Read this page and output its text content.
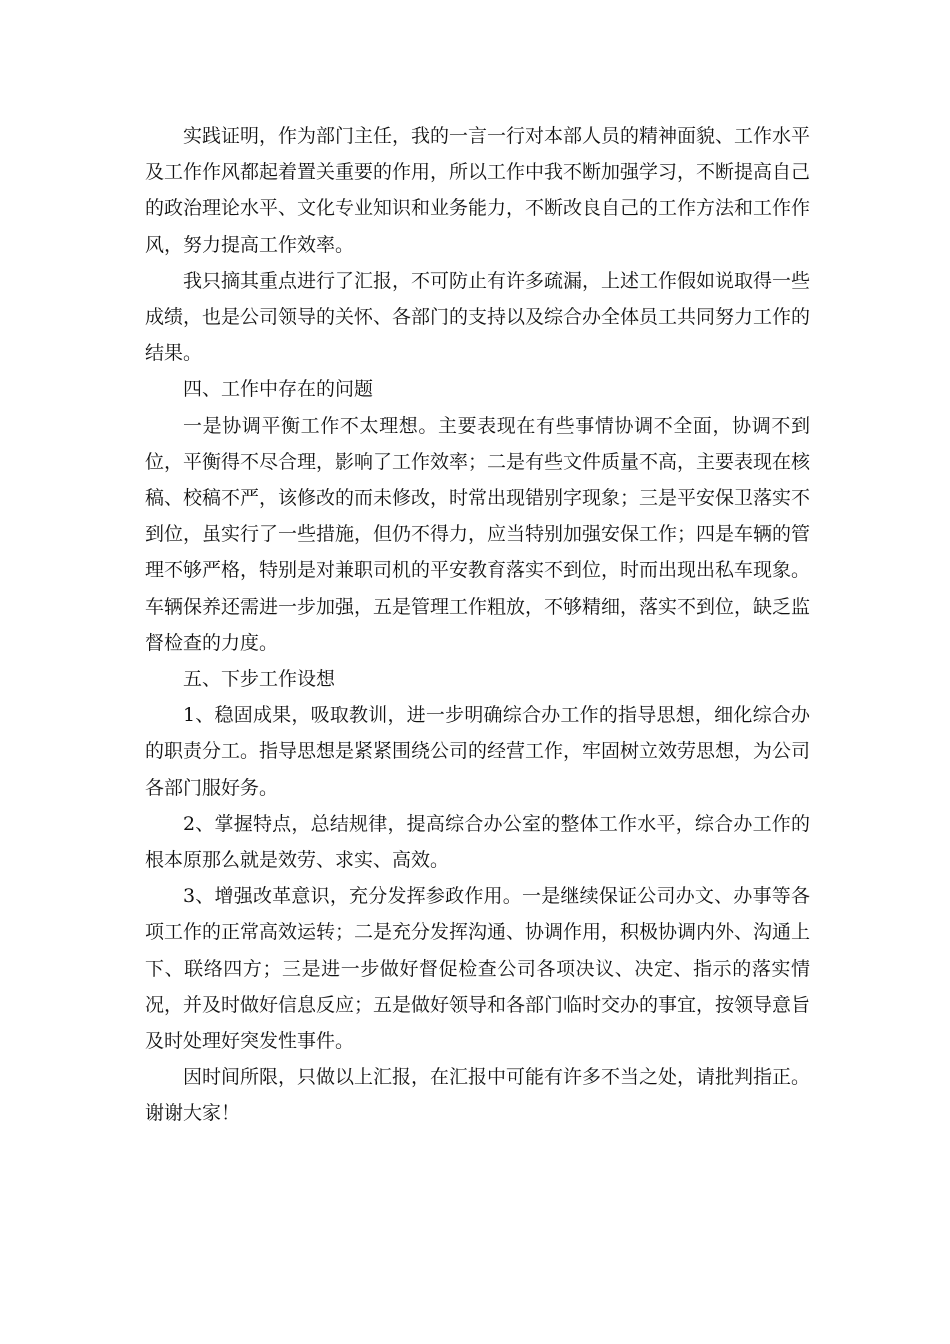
实践证明，作为部门主任，我的一言一行对本部人员的精神面貌、工作水平及工作作风都起着置关重要的作用，所以工作中我不断加强学习，不断提高自己的政治理论水平、文化专业知识和业务能力，不断改良自己的工作方法和工作作风，努力提高工作效率。

我只摘其重点进行了汇报，不可防止有许多疏漏，上述工作假如说取得一些成绩，也是公司领导的关怀、各部门的支持以及综合办全体员工共同努力工作的结果。

四、工作中存在的问题

一是协调平衡工作不太理想。主要表现在有些事情协调不全面，协调不到位，平衡得不尽合理，影响了工作效率；二是有些文件质量不高，主要表现在核稿、校稿不严，该修改的而未修改，时常出现错别字现象；三是平安保卫落实不到位，虽实行了一些措施，但仍不得力，应当特别加强安保工作；四是车辆的管理不够严格，特别是对兼职司机的平安教育落实不到位，时而出现出私车现象。车辆保养还需进一步加强，五是管理工作粗放，不够精细，落实不到位，缺乏监督检查的力度。

五、下步工作设想

1、稳固成果，吸取教训，进一步明确综合办工作的指导思想，细化综合办的职责分工。指导思想是紧紧围绕公司的经营工作，牢固树立效劳思想，为公司各部门服好务。

2、掌握特点，总结规律，提高综合办公室的整体工作水平，综合办工作的根本原那么就是效劳、求实、高效。

3、增强改革意识，充分发挥参政作用。一是继续保证公司办文、办事等各项工作的正常高效运转；二是充分发挥沟通、协调作用，积极协调内外、沟通上下、联络四方；三是进一步做好督促检查公司各项决议、决定、指示的落实情况，并及时做好信息反应；五是做好领导和各部门临时交办的事宜，按领导意旨及时处理好突发性事件。

因时间所限，只做以上汇报，在汇报中可能有许多不当之处，请批判指正。谢谢大家！
